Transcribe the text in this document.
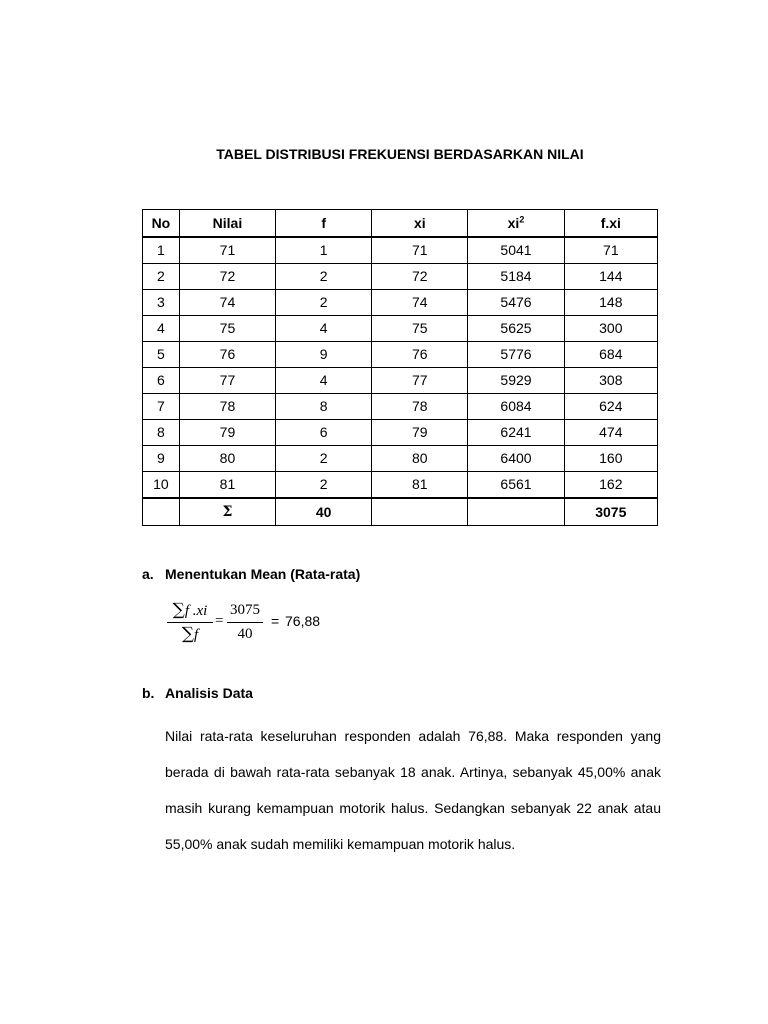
TABEL DISTRIBUSI FREKUENSI BERDASARKAN NILAI
No	Nilai	f	xi	$xi^2$	f.xi
1	71	1	71	5041	71
2	72	2	72	5184	144
3	74	2	74	5476	148
4	75	4	75	5625	300
5	76	9	76	5776	684
6	77	4	77	5929	308
7	78	8	78	6084	624
8	79	6	79	6241	474
9	80	2	80	6400	160
10	81	2	81	6561	162
	Σ	40			3075
a. Menentukan Mean (Rata-rata)
∑f .xi
∑f
=
3075
40
= 76,88
b. Analisis Data
Nilai rata-rata keseluruhan responden adalah 76,88. Maka responden yang berada di bawah rata-rata sebanyak 18 anak. Artinya, sebanyak 45,00% anak masih kurang kemampuan motorik halus. Sedangkan sebanyak 22 anak atau 55,00% anak sudah memiliki kemampuan motorik halus.
